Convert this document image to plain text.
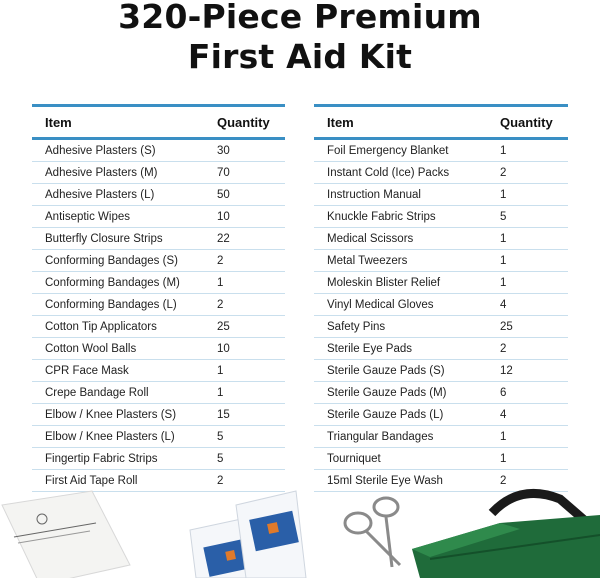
320-Piece Premium
First Aid Kit
Item	Quantity
Adhesive Plasters (S)	30
Adhesive Plasters (M)	70
Adhesive Plasters (L)	50
Antiseptic Wipes	10
Butterfly Closure Strips	22
Conforming Bandages (S)	2
Conforming Bandages (M)	1
Conforming Bandages (L)	2
Cotton Tip Applicators	25
Cotton Wool Balls	10
CPR Face Mask	1
Crepe Bandage Roll	1
Elbow / Knee Plasters (S)	15
Elbow / Knee Plasters (L)	5
Fingertip Fabric Strips	5
First Aid Tape Roll	2
Item	Quantity
Foil Emergency Blanket	1
Instant Cold (Ice) Packs	2
Instruction Manual	1
Knuckle Fabric Strips	5
Medical Scissors	1
Metal Tweezers	1
Moleskin Blister Relief	1
Vinyl Medical Gloves	4
Safety Pins	25
Sterile Eye Pads	2
Sterile Gauze Pads (S)	12
Sterile Gauze Pads (M)	6
Sterile Gauze Pads (L)	4
Triangular Bandages	1
Tourniquet	1
15ml Sterile Eye Wash	2
